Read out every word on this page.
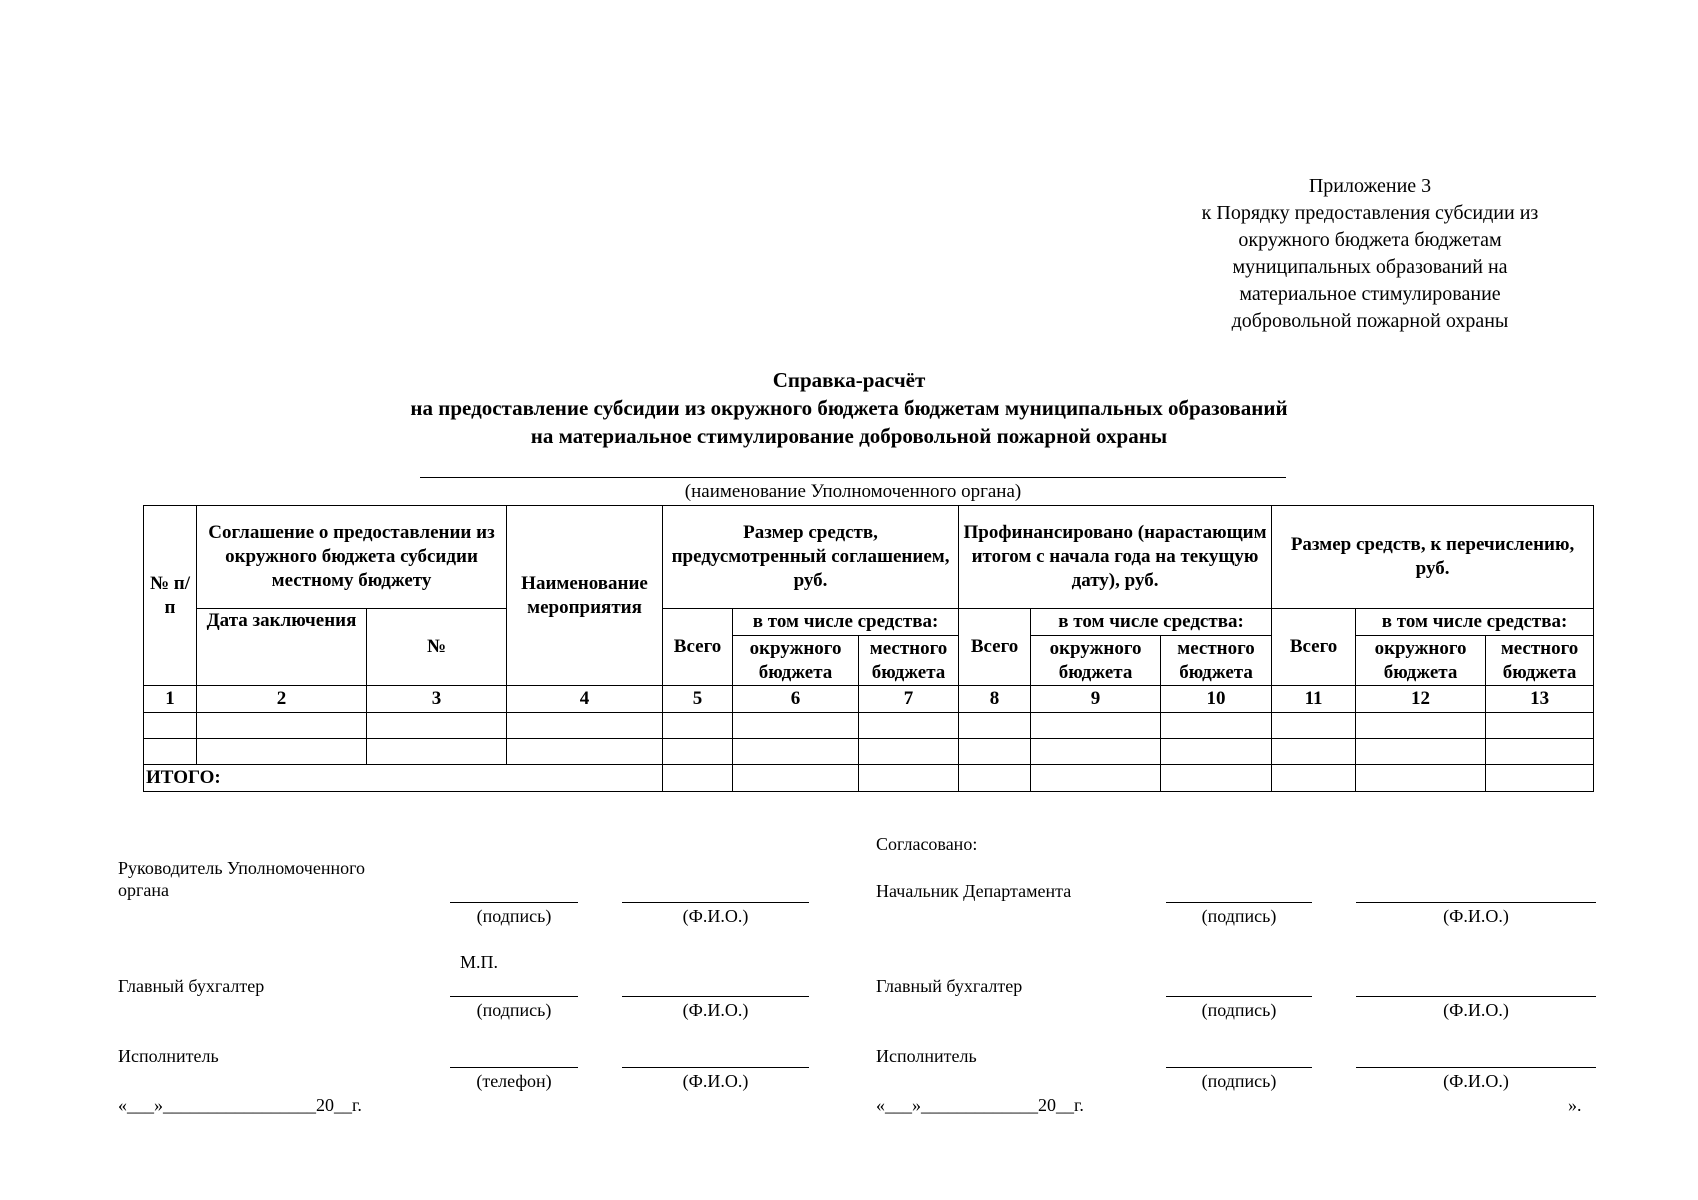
Приложение 3
к Порядку предоставления субсидии из
окружного бюджета бюджетам
муниципальных образований на
материальное стимулирование
добровольной пожарной охраны
Справка-расчёт
на предоставление субсидии из окружного бюджета бюджетам муниципальных образований
на материальное стимулирование добровольной пожарной охраны
(наименование Уполномоченного органа)
№ п/п	Соглашение о предоставлении из окружного бюджета субсидии местному бюджету		Наименование мероприятия	Размер средств, предусмотренный соглашением, руб.			Профинансировано (нарастающим итогом с начала года на текущую дату), руб.			Размер средств, к перечислению, руб.		
	Дата заключения	№		Всего	в том числе средства:		Всего	в том числе средства:		Всего	в том числе средства:	
					окружного бюджета	местного бюджета		окружного бюджета	местного бюджета		окружного бюджета	местного бюджета
1	2	3	4	5	6	7	8	9	10	11	12	13

ИТОГО:												
Руководитель Уполномоченного
органа
(подпись)	(Ф.И.О.)
М.П.
Главный бухгалтер
(подпись)	(Ф.И.О.)
Исполнитель
(телефон)	(Ф.И.О.)
«___»_________________20__г.
Согласовано:
Начальник Департамента
(подпись)	(Ф.И.О.)
Главный бухгалтер
(подпись)	(Ф.И.О.)
Исполнитель
(подпись)	(Ф.И.О.)
«___»_____________20__г.	».
